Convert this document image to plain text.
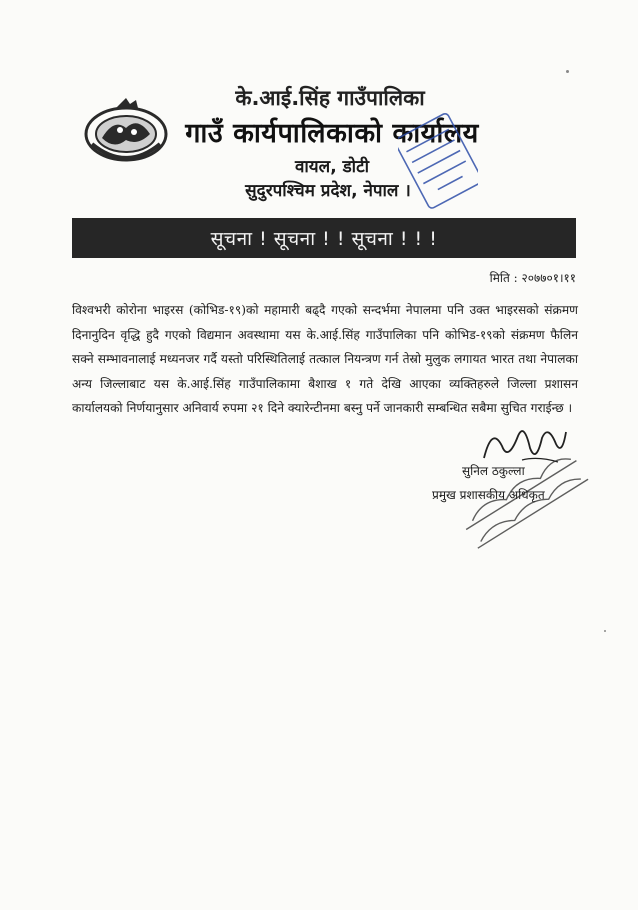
के.आई.सिंह गाउँपालिका
गाउँ कार्यपालिकाको कार्यालय
वायल, डोटी
सुदुरपश्चिम प्रदेश, नेपाल ।
सूचना ! सूचना ! ! सूचना ! ! !
मिति : २०७७०१।११
विश्वभरी कोरोना भाइरस (कोभिड-१९)को महामारी बढ्दै गएको सन्दर्भमा नेपालमा पनि उक्त भाइरसको संक्रमण दिनानुदिन वृद्धि हुदै गएको विद्यमान अवस्थामा यस के.आई.सिंह गाउँपालिका पनि कोभिड-१९को संक्रमण फैलिन सक्ने सम्भावनालाई मध्यनजर गर्दै यस्तो परिस्थितिलाई तत्काल नियन्त्रण गर्न तेस्रो मुलुक लगायत भारत तथा नेपालका अन्य जिल्लाबाट यस के.आई.सिंह गाउँपालिकामा बैशाख १ गते देखि आएका व्यक्तिहरुले जिल्ला प्रशासन कार्यालयको निर्णयानुसार अनिवार्य रुपमा २१ दिने क्यारेन्टीनमा बस्नु पर्ने जानकारी सम्बन्धित सबैमा सुचित गराईन्छ ।
सुनिल ठकुल्ला
प्रमुख प्रशासकीय अधिकृत
